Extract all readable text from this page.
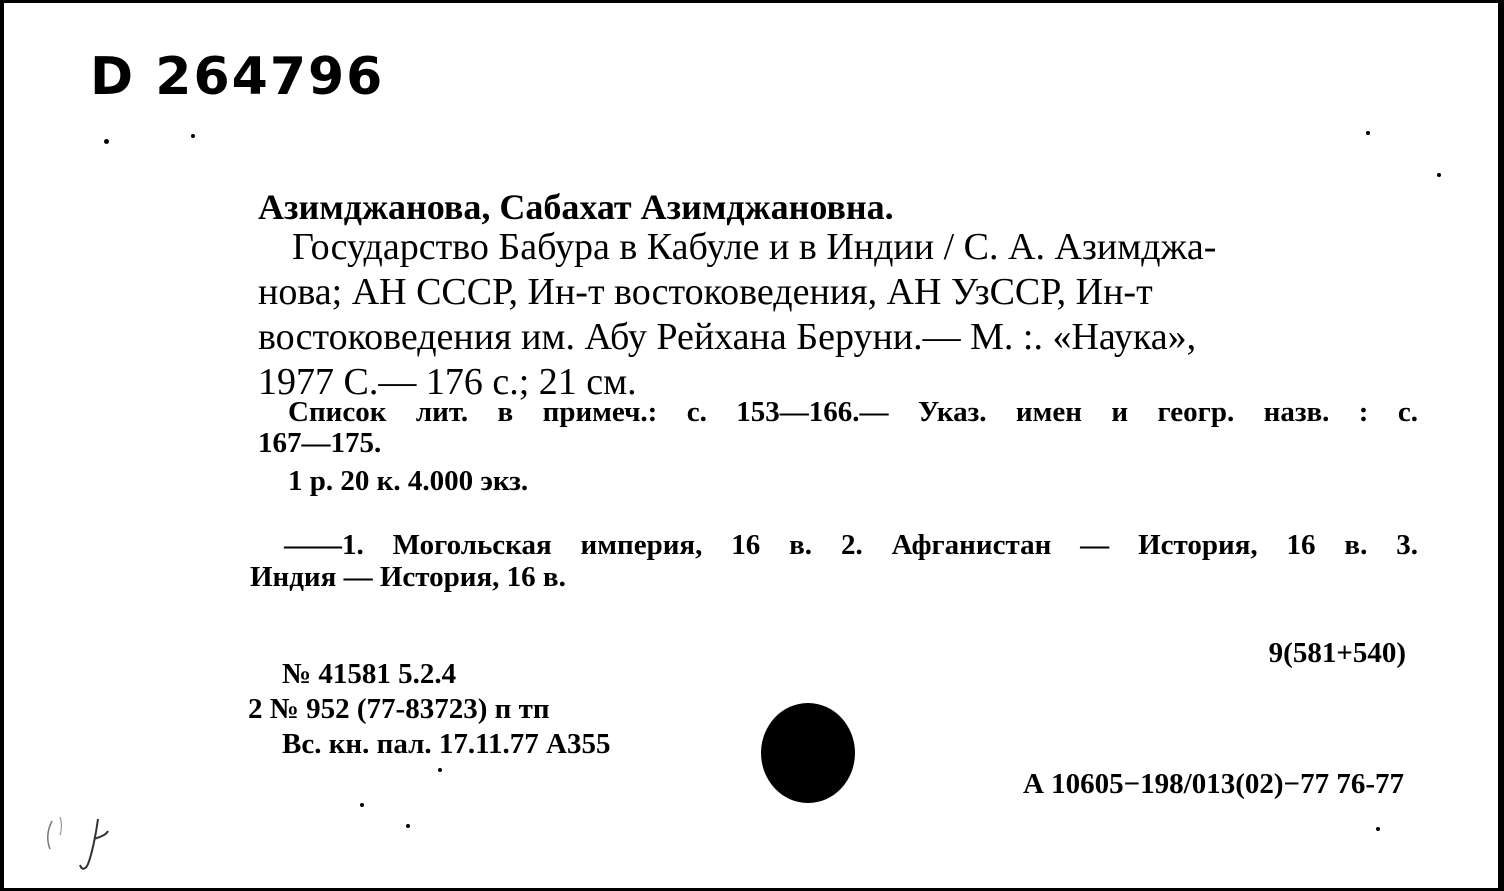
D 264796
Азимджанова, Сабахат Азимджановна.
Государство Бабура в Кабуле и в Индии / С. А. Азимджа-
нова; АН СССР, Ин-т востоковедения, АН УзССР, Ин-т
востоковедения им. Абу Рейхана Беруни.— М. :. «Наука»,
1977 С.— 176 с.; 21 см.
Список лит. в примеч.: с. 153—166.— Указ. имен и геогр. назв. : с.
167—175.
1 р. 20 к. 4.000 экз.
——1. Могольская империя, 16 в. 2. Афганистан — История, 16 в. 3.
Индия — История, 16 в.
9(581+540)
№ 41581 5.2.4
2 № 952 (77-83723) п тп
Вс. кн. пал. 17.11.77 А355
А 10605−198/013(02)−77 76-77
